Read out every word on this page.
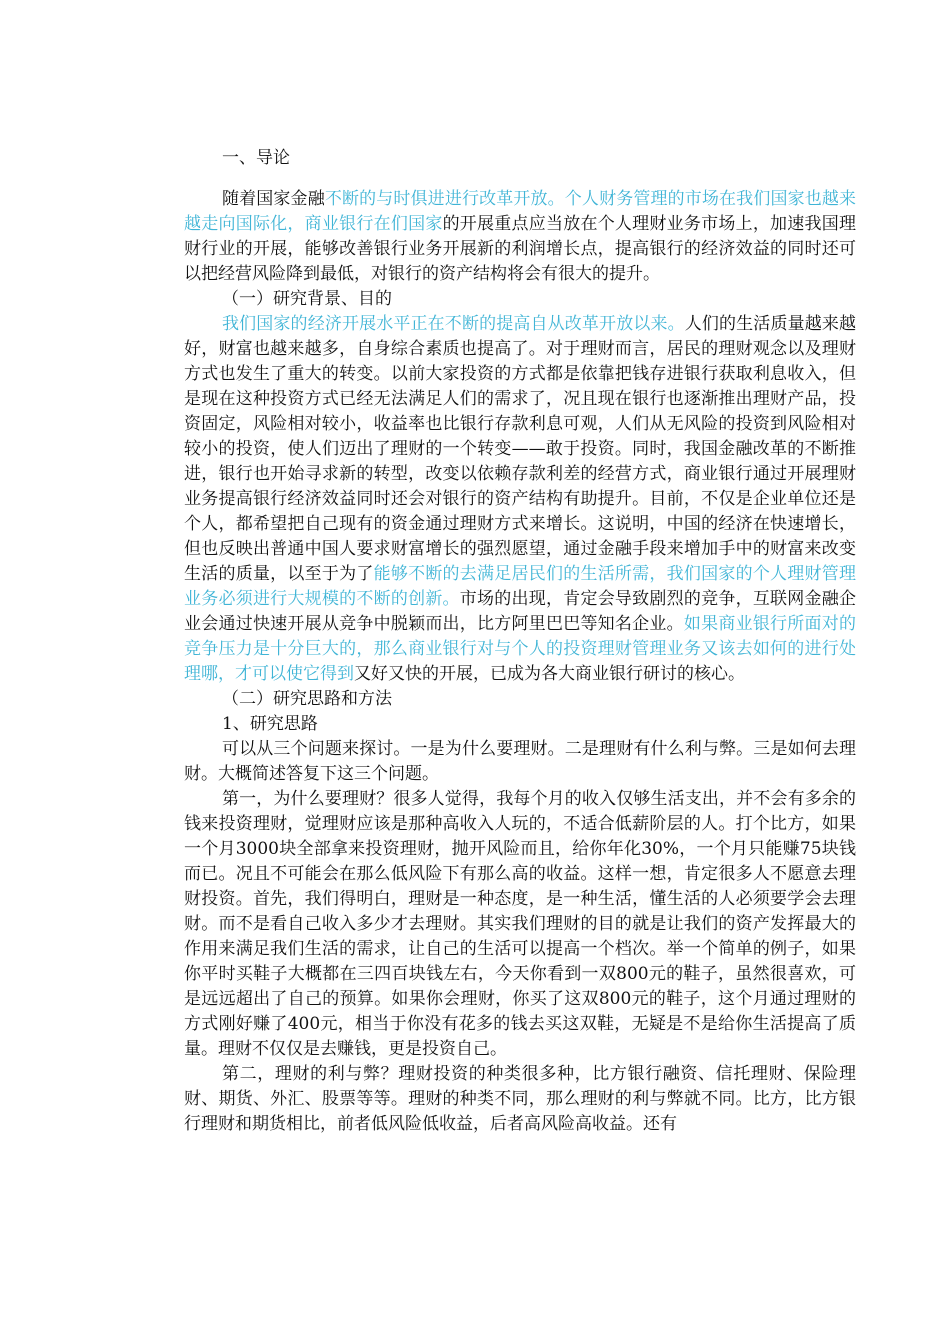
一、导论

随着国家金融不断的与时俱进进行改革开放。个人财务管理的市场在我们国家也越来越走向国际化，商业银行在们国家的开展重点应当放在个人理财业务市场上，加速我国理财行业的开展，能够改善银行业务开展新的利润增长点，提高银行的经济效益的同时还可以把经营风险降到最低，对银行的资产结构将会有很大的提升。

（一）研究背景、目的

我们国家的经济开展水平正在不断的提高自从改革开放以来。人们的生活质量越来越好，财富也越来越多，自身综合素质也提高了。对于理财而言，居民的理财观念以及理财方式也发生了重大的转变。以前大家投资的方式都是依靠把钱存进银行获取利息收入，但是现在这种投资方式已经无法满足人们的需求了，况且现在银行也逐渐推出理财产品，投资固定，风险相对较小，收益率也比银行存款利息可观，人们从无风险的投资到风险相对较小的投资，使人们迈出了理财的一个转变——敢于投资。同时，我国金融改革的不断推进，银行也开始寻求新的转型，改变以依赖存款利差的经营方式，商业银行通过开展理财业务提高银行经济效益同时还会对银行的资产结构有助提升。目前，不仅是企业单位还是个人，都希望把自己现有的资金通过理财方式来增长。这说明，中国的经济在快速增长，但也反映出普通中国人要求财富增长的强烈愿望，通过金融手段来增加手中的财富来改变生活的质量，以至于为了能够不断的去满足居民们的生活所需，我们国家的个人理财管理业务必须进行大规模的不断的创新。市场的出现，肯定会导致剧烈的竞争，互联网金融企业会通过快速开展从竞争中脱颖而出，比方阿里巴巴等知名企业。如果商业银行所面对的竞争压力是十分巨大的，那么商业银行对与个人的投资理财管理业务又该去如何的进行处理哪，才可以使它得到又好又快的开展，已成为各大商业银行研讨的核心。

（二）研究思路和方法
1、研究思路

可以从三个问题来探讨。一是为什么要理财。二是理财有什么利与弊。三是如何去理财。大概简述答复下这三个问题。

第一，为什么要理财？很多人觉得，我每个月的收入仅够生活支出，并不会有多余的钱来投资理财，觉理财应该是那种高收入人玩的，不适合低薪阶层的人。打个比方，如果一个月3000块全部拿来投资理财，抛开风险而且，给你年化30%，一个月只能赚75块钱而已。况且不可能会在那么低风险下有那么高的收益。这样一想，肯定很多人不愿意去理财投资。首先，我们得明白，理财是一种态度，是一种生活，懂生活的人必须要学会去理财。而不是看自己收入多少才去理财。其实我们理财的目的就是让我们的资产发挥最大的作用来满足我们生活的需求，让自己的生活可以提高一个档次。举一个简单的例子，如果你平时买鞋子大概都在三四百块钱左右，今天你看到一双800元的鞋子，虽然很喜欢，可是远远超出了自己的预算。如果你会理财，你买了这双800元的鞋子，这个月通过理财的方式刚好赚了400元，相当于你没有花多的钱去买这双鞋，无疑是不是给你生活提高了质量。理财不仅仅是去赚钱，更是投资自己。

第二，理财的利与弊？理财投资的种类很多种，比方银行融资、信托理财、保险理财、期货、外汇、股票等等。理财的种类不同，那么理财的利与弊就不同。比方，比方银行理财和期货相比，前者低风险低收益，后者高风险高收益。还有
